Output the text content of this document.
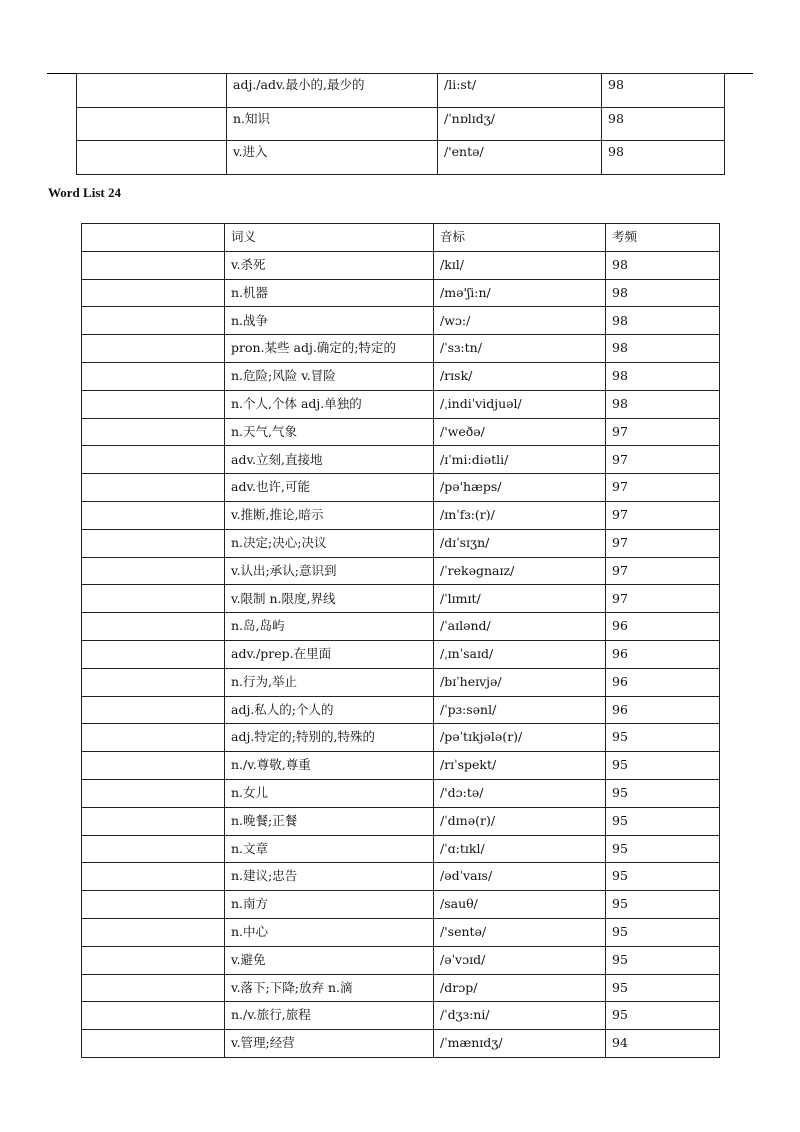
	adj./adv.最小的,最少的	/li:st/	98
	n.知识	/ˈnɒlɪdʒ/	98
	v.进入	/'entə/	98
Word List 24
	词义	音标	考频
	v.杀死	/kɪl/	98
	n.机器	/mə'ʃi:n/	98
	n.战争	/wɔ:/	98
	pron.某些 adj.确定的;特定的	/ˈsɜ:tn/	98
	n.危险;风险 v.冒险	/rɪsk/	98
	n.个人,个体 adj.单独的	/ˌindiˈvidjuəl/	98
	n.天气,气象	/'weðə/	97
	adv.立刻,直接地	/ɪˈmi:diətli/	97
	adv.也许,可能	/pə'hæps/	97
	v.推断,推论,暗示	/ɪnˈfɜ:(r)/	97
	n.决定;决心;决议	/dɪˈsɪʒn/	97
	v.认出;承认;意识到	/ˈrekəgnaɪz/	97
	v.限制 n.限度,界线	/ˈlɪmɪt/	97
	n.岛,岛屿	/ˈaɪlənd/	96
	adv./prep.在里面	/ˌɪnˈsaɪd/	96
	n.行为,举止	/bɪˈheɪvjə/	96
	adj.私人的;个人的	/ˈpɜ:sənl/	96
	adj.特定的;特别的,特殊的	/pəˈtɪkjələ(r)/	95
	n./v.尊敬,尊重	/rɪˈspekt/	95
	n.女儿	/'dɔ:tə/	95
	n.晚餐;正餐	/ˈdɪnə(r)/	95
	n.文章	/ˈɑ:tɪkl/	95
	n.建议;忠告	/ədˈvaɪs/	95
	n.南方	/sauθ/	95
	n.中心	/'sentə/	95
	v.避免	/əˈvɔɪd/	95
	v.落下;下降;放弃 n.滴	/drɔp/	95
	n./v.旅行,旅程	/ˈdʒɜ:ni/	95
	v.管理;经营	/ˈmænɪdʒ/	94
